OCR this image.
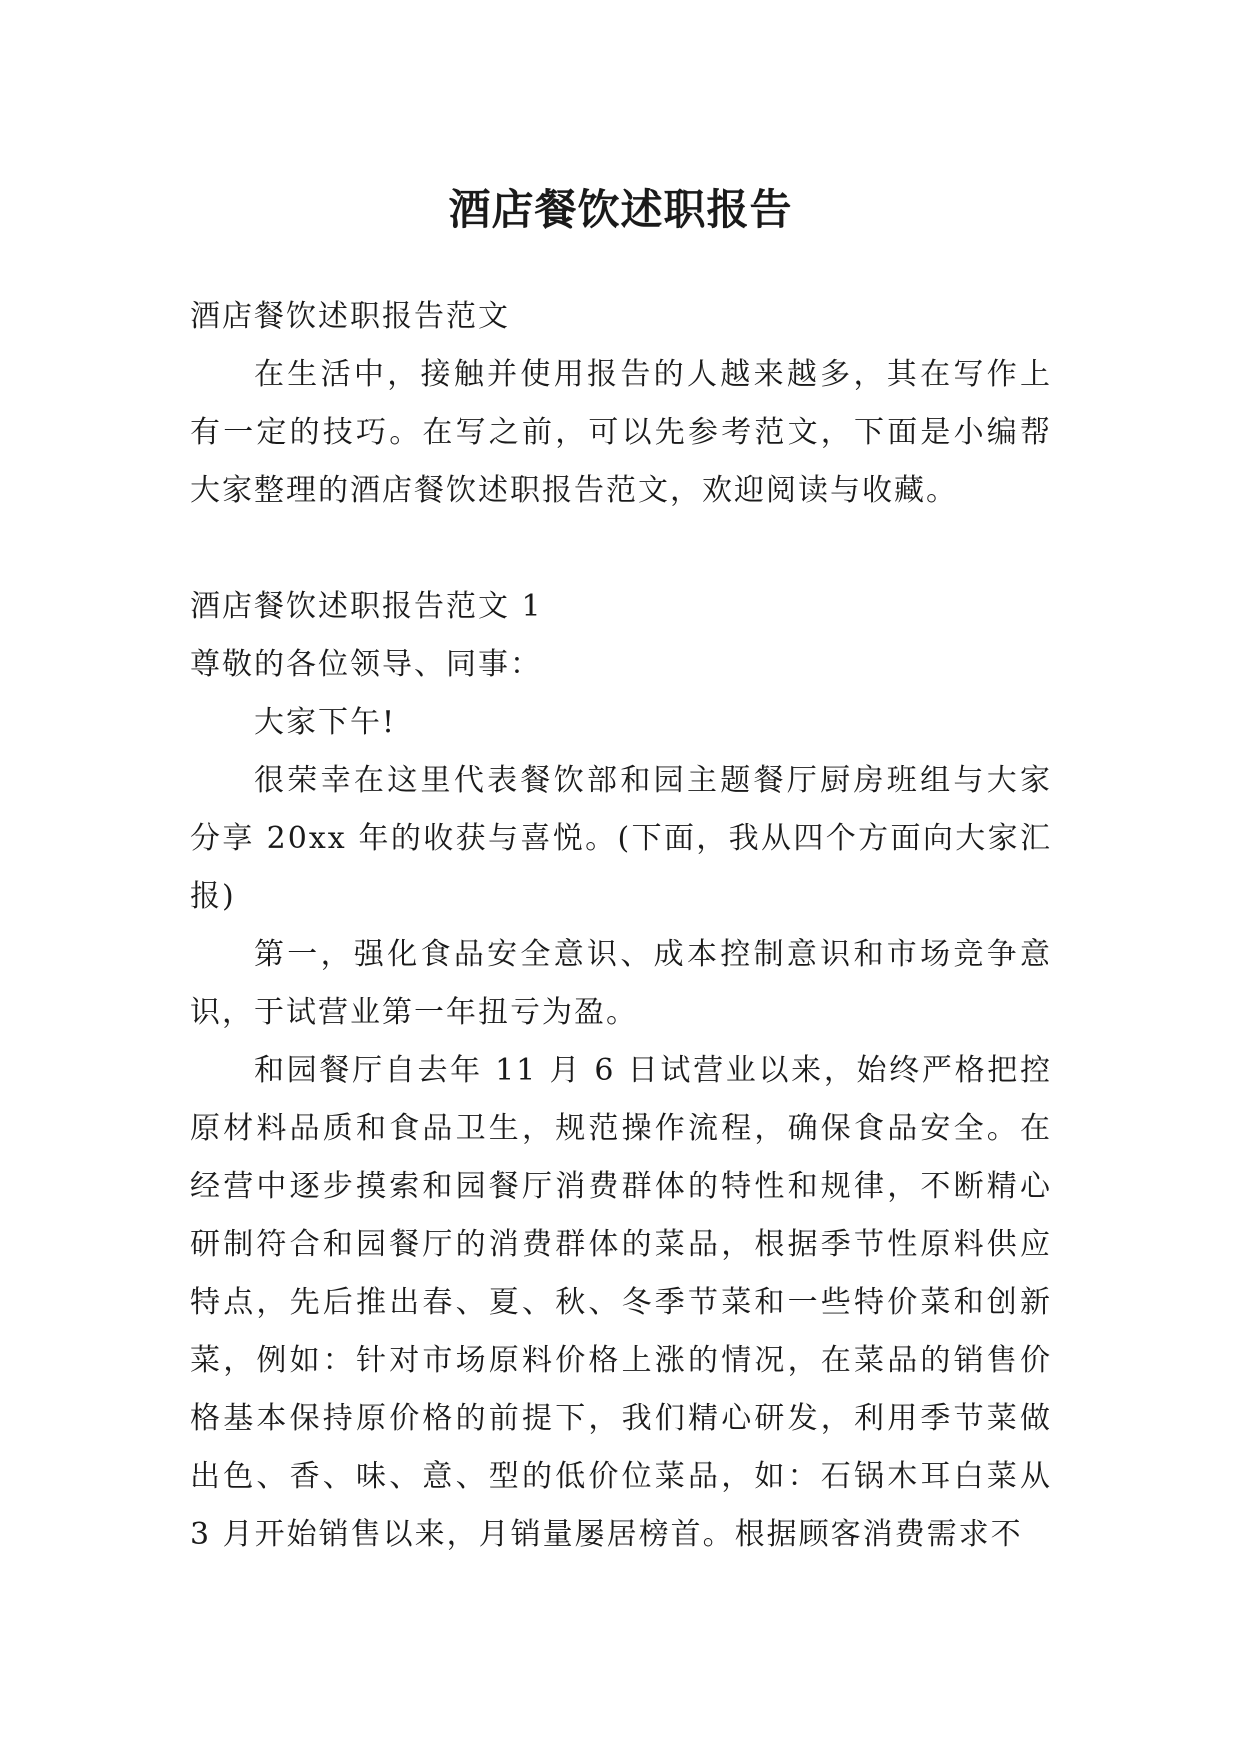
酒店餐饮述职报告

酒店餐饮述职报告范文

在生活中，接触并使用报告的人越来越多，其在写作上有一定的技巧。在写之前，可以先参考范文，下面是小编帮大家整理的酒店餐饮述职报告范文，欢迎阅读与收藏。

酒店餐饮述职报告范文 1

尊敬的各位领导、同事：

大家下午!

很荣幸在这里代表餐饮部和园主题餐厅厨房班组与大家分享 20xx 年的收获与喜悦。(下面，我从四个方面向大家汇报)

第一，强化食品安全意识、成本控制意识和市场竞争意识，于试营业第一年扭亏为盈。

和园餐厅自去年 11 月 6 日试营业以来，始终严格把控原材料品质和食品卫生，规范操作流程，确保食品安全。在经营中逐步摸索和园餐厅消费群体的特性和规律，不断精心研制符合和园餐厅的消费群体的菜品，根据季节性原料供应特点，先后推出春、夏、秋、冬季节菜和一些特价菜和创新菜，例如：针对市场原料价格上涨的情况，在菜品的销售价格基本保持原价格的前提下，我们精心研发，利用季节菜做出色、香、味、意、型的低价位菜品，如：石锅木耳白菜从 3 月开始销售以来，月销量屡居榜首。根据顾客消费需求不
